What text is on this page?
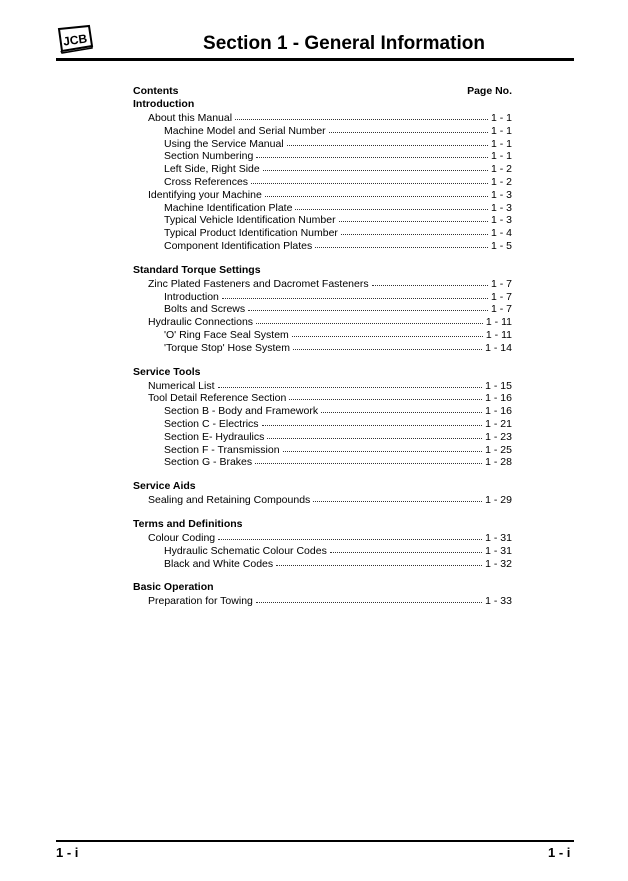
JCB	Section 1 - General Information
Contents	Page No.
Introduction
About this Manual	1 - 1
Machine Model and Serial Number	1 - 1
Using the Service Manual	1 - 1
Section Numbering	1 - 1
Left Side, Right Side	1 - 2
Cross References	1 - 2
Identifying your Machine	1 - 3
Machine Identification Plate	1 - 3
Typical Vehicle Identification Number	1 - 3
Typical Product Identification Number	1 - 4
Component Identification Plates	1 - 5
Standard Torque Settings
Zinc Plated Fasteners and Dacromet Fasteners	1 - 7
Introduction	1 - 7
Bolts and Screws	1 - 7
Hydraulic Connections	1 - 11
'O' Ring Face Seal System	1 - 11
'Torque Stop' Hose System	1 - 14
Service Tools
Numerical List	1 - 15
Tool Detail Reference Section	1 - 16
Section B - Body and Framework	1 - 16
Section C - Electrics	1 - 21
Section E- Hydraulics	1 - 23
Section F - Transmission	1 - 25
Section G - Brakes	1 - 28
Service Aids
Sealing and Retaining Compounds	1 - 29
Terms and Definitions
Colour Coding	1 - 31
Hydraulic Schematic Colour Codes	1 - 31
Black and White Codes	1 - 32
Basic Operation
Preparation for Towing	1 - 33
1 - i	1 - i
